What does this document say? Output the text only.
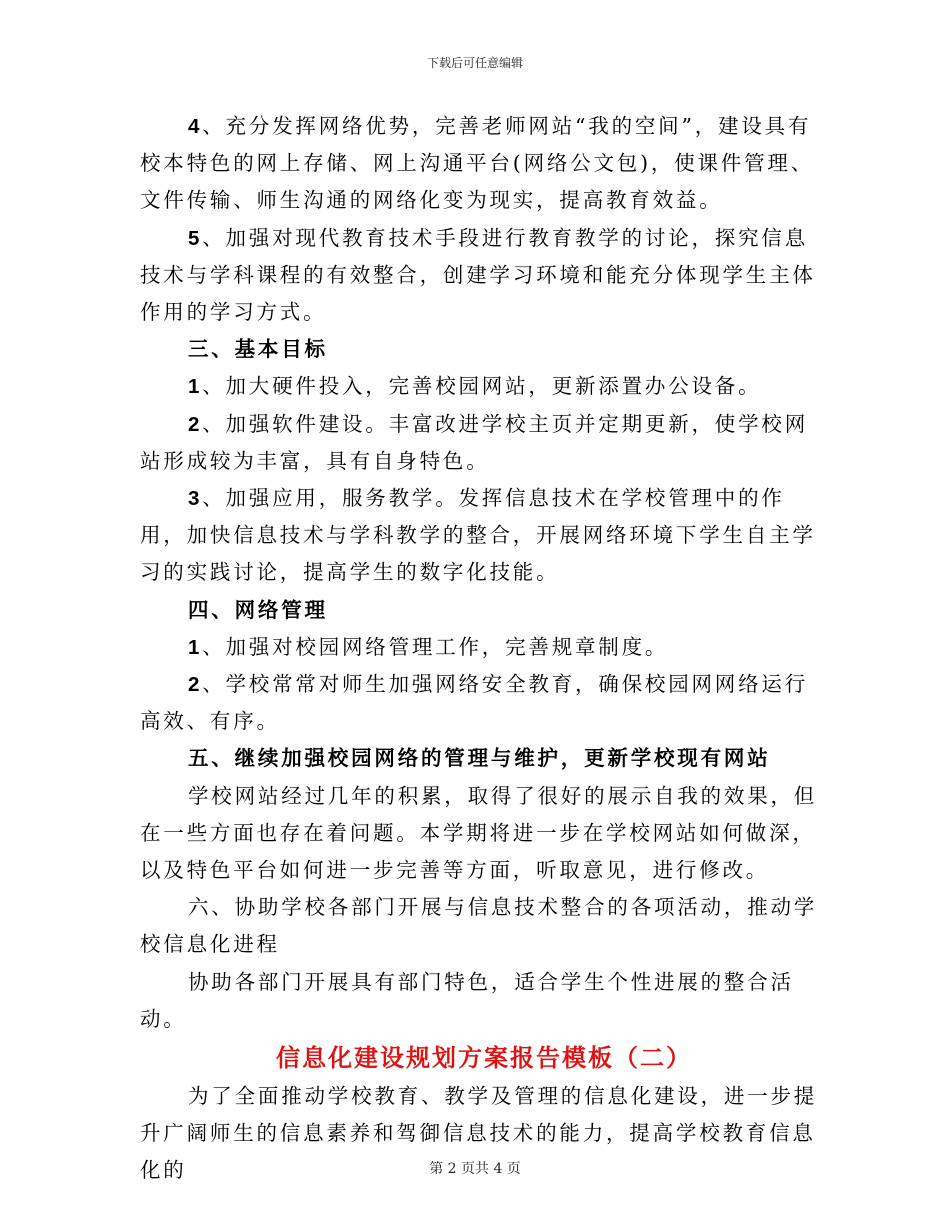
下载后可任意编辑

4、充分发挥网络优势，完善老师网站“我的空间”，建设具有校本特色的网上存储、网上沟通平台(网络公文包)，使课件管理、文件传输、师生沟通的网络化变为现实，提高教育效益。

5、加强对现代教育技术手段进行教育教学的讨论，探究信息技术与学科课程的有效整合，创建学习环境和能充分体现学生主体作用的学习方式。

三、基本目标

1、加大硬件投入，完善校园网站，更新添置办公设备。

2、加强软件建设。丰富改进学校主页并定期更新，使学校网站形成较为丰富，具有自身特色。

3、加强应用，服务教学。发挥信息技术在学校管理中的作用，加快信息技术与学科教学的整合，开展网络环境下学生自主学习的实践讨论，提高学生的数字化技能。

四、网络管理

1、加强对校园网络管理工作，完善规章制度。

2、学校常常对师生加强网络安全教育，确保校园网网络运行高效、有序。

五、继续加强校园网络的管理与维护，更新学校现有网站

学校网站经过几年的积累，取得了很好的展示自我的效果，但在一些方面也存在着问题。本学期将进一步在学校网站如何做深，以及特色平台如何进一步完善等方面，听取意见，进行修改。

六、协助学校各部门开展与信息技术整合的各项活动，推动学校信息化进程

协助各部门开展具有部门特色，适合学生个性进展的整合活动。

信息化建设规划方案报告模板（二）

为了全面推动学校教育、教学及管理的信息化建设，进一步提升广阔师生的信息素养和驾御信息技术的能力，提高学校教育信息化的	第 2 页共 4 页
